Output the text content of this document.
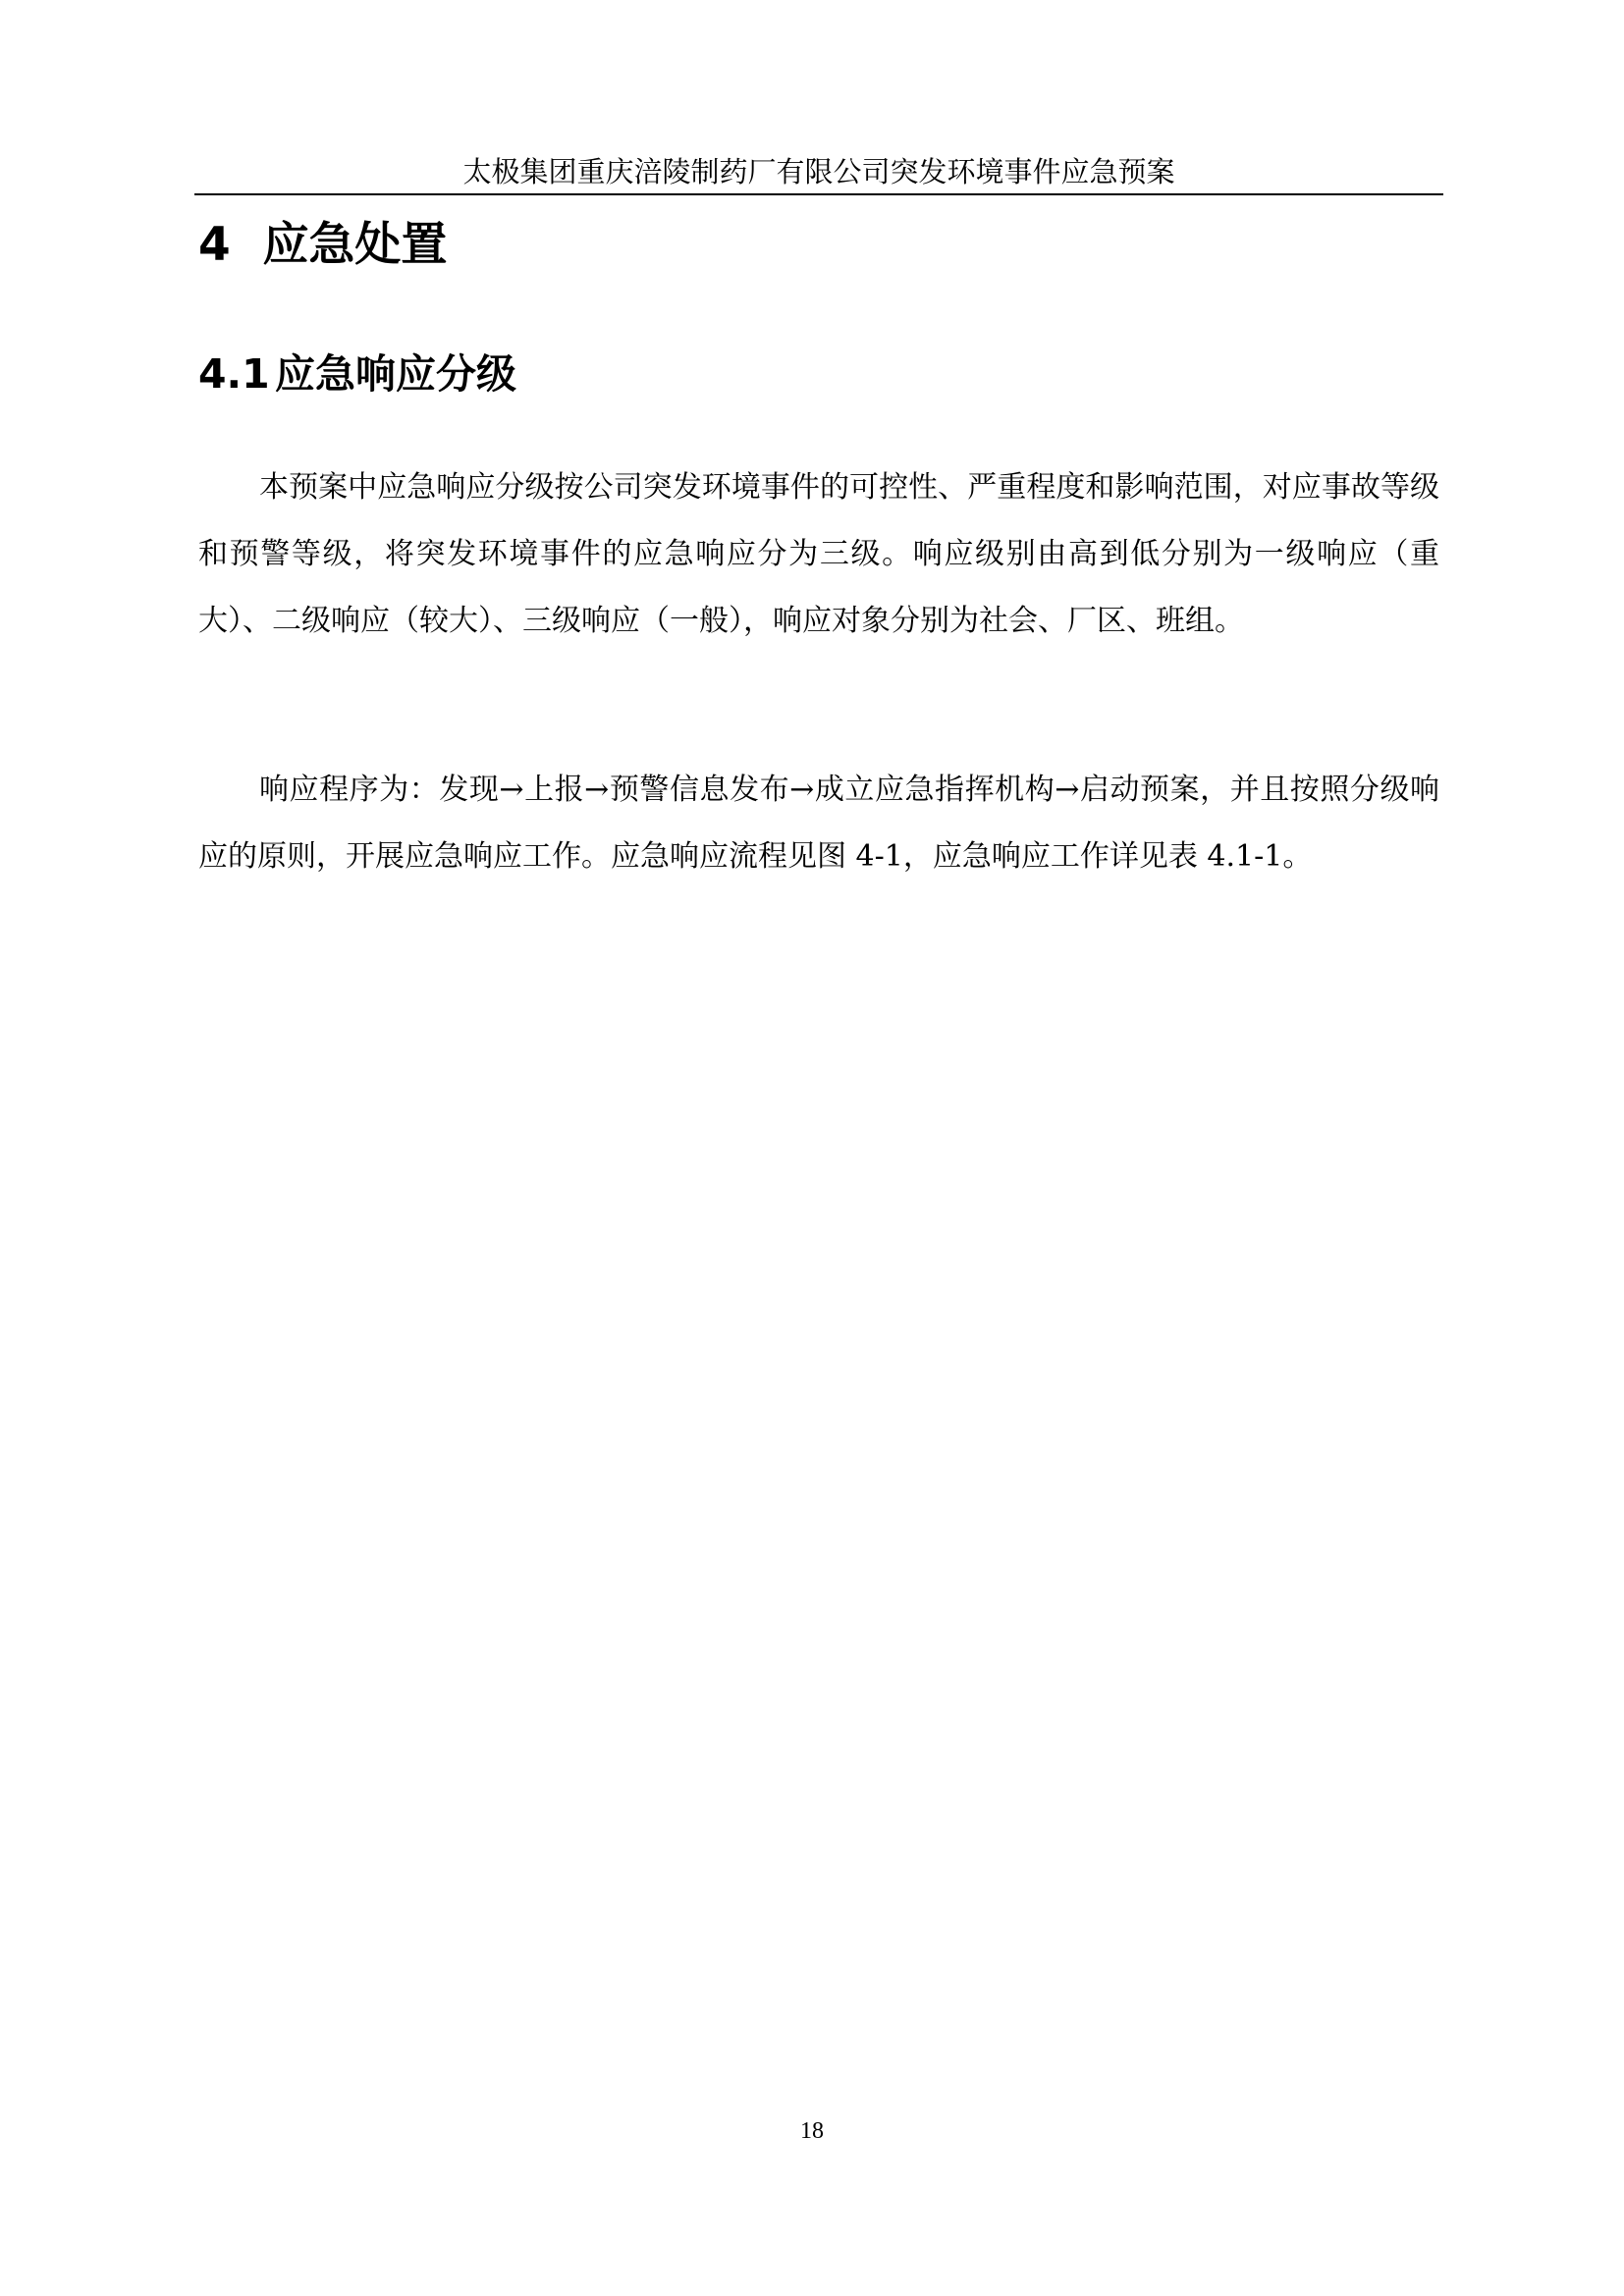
太极集团重庆涪陵制药厂有限公司突发环境事件应急预案
4 应急处置
4.1 应急响应分级

本预案中应急响应分级按公司突发环境事件的可控性、严重程度和影响范围，对应事故等级和预警等级，将突发环境事件的应急响应分为三级。响应级别由高到低分别为一级响应（重大）、二级响应（较大）、三级响应（一般），响应对象分别为社会、厂区、班组。

响应程序为：发现→上报→预警信息发布→成立应急指挥机构→启动预案，并且按照分级响应的原则，开展应急响应工作。应急响应流程见图 4-1，应急响应工作详见表 4.1-1。

18
